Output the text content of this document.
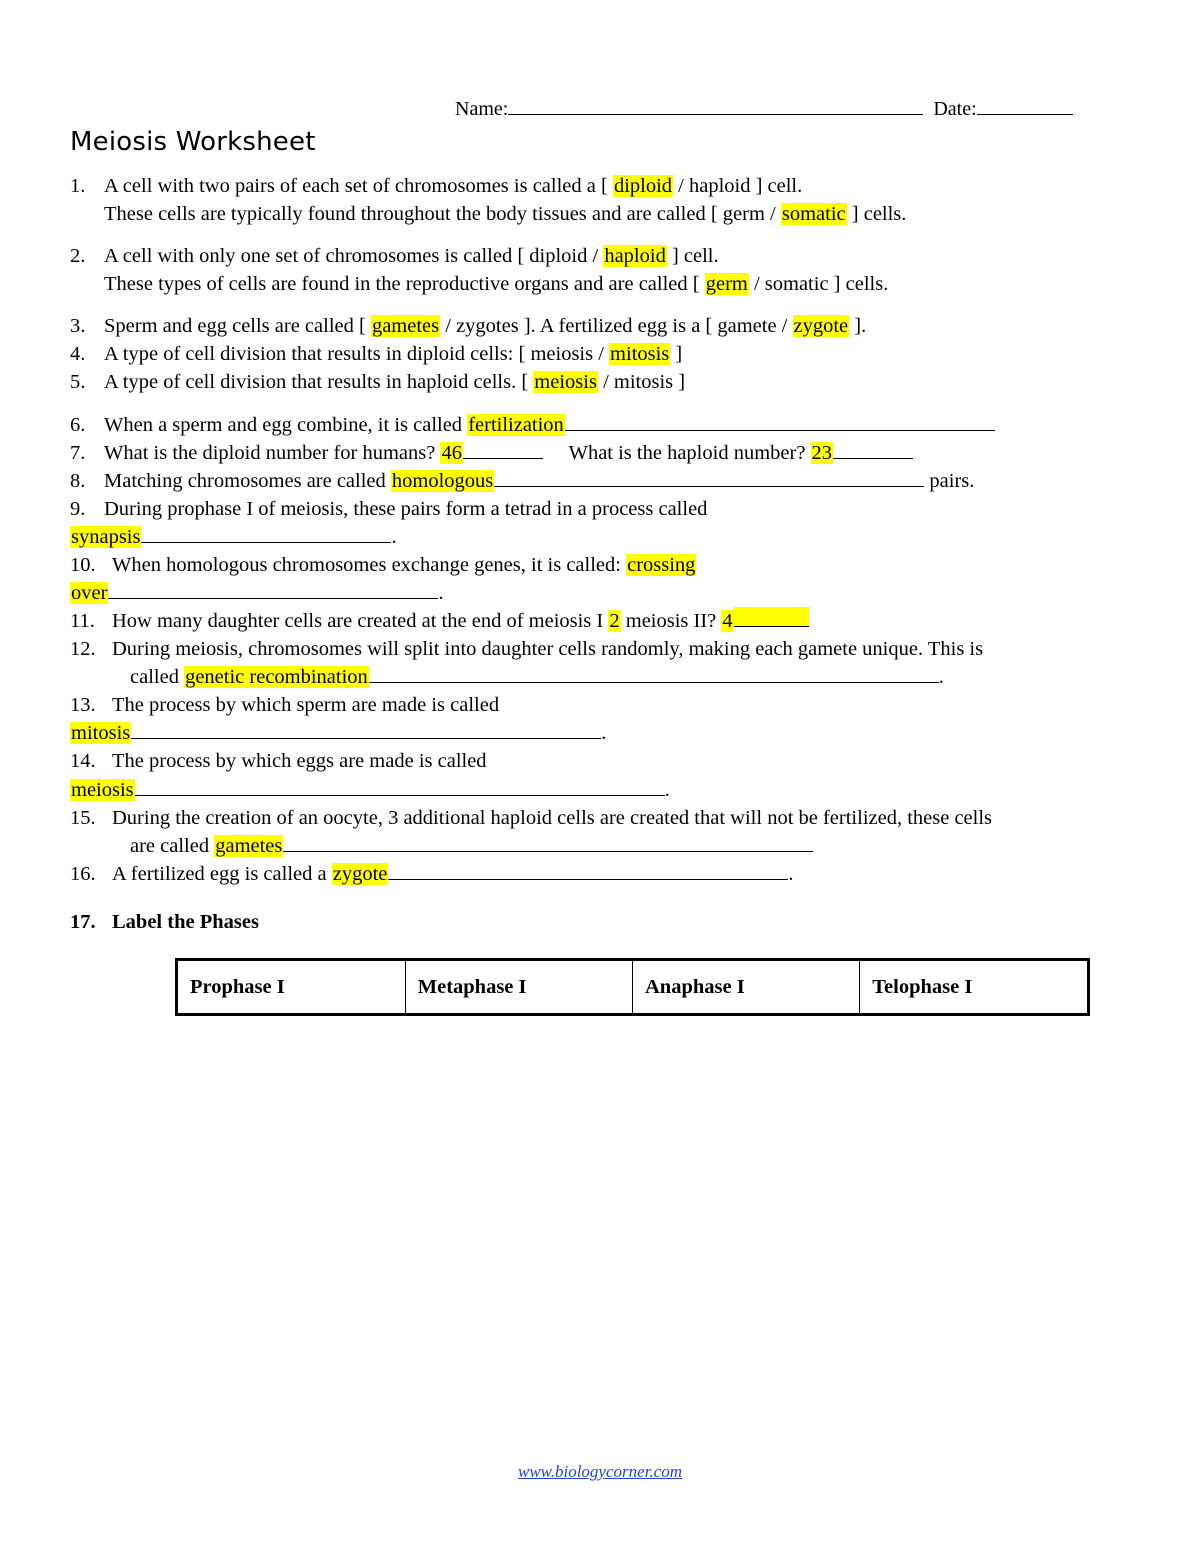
Name:	Date:
Meiosis Worksheet
1. A cell with two pairs of each set of chromosomes is called a [ diploid / haploid ] cell.
These cells are typically found throughout the body tissues and are called [ germ / somatic ] cells.
2. A cell with only one set of chromosomes is called [ diploid / haploid ] cell.
These types of cells are found in the reproductive organs and are called [ germ / somatic ] cells.
3. Sperm and egg cells are called [ gametes / zygotes ]. A fertilized egg is a [ gamete / zygote ].
4. A type of cell division that results in diploid cells: [ meiosis / mitosis ]
5. A type of cell division that results in haploid cells. [ meiosis / mitosis ]
6. When a sperm and egg combine, it is called fertilization
7. What is the diploid number for humans? 46	What is the haploid number? 23
8. Matching chromosomes are called homologous	pairs.
9. During prophase I of meiosis, these pairs form a tetrad in a process called
synapsis	.
10. When homologous chromosomes exchange genes, it is called: crossing
over	.
11. How many daughter cells are created at the end of meiosis I 2 meiosis II? 4
12. During meiosis, chromosomes will split into daughter cells randomly, making each gamete unique. This is
called genetic recombination	.
13. The process by which sperm are made is called
mitosis	.
14. The process by which eggs are made is called
meiosis	.
15. During the creation of an oocyte, 3 additional haploid cells are created that will not be fertilized, these cells
are called gametes
16. A fertilized egg is called a zygote	.
17. Label the Phases
Prophase I	Metaphase I	Anaphase I	Telophase I
www.biologycorner.com
